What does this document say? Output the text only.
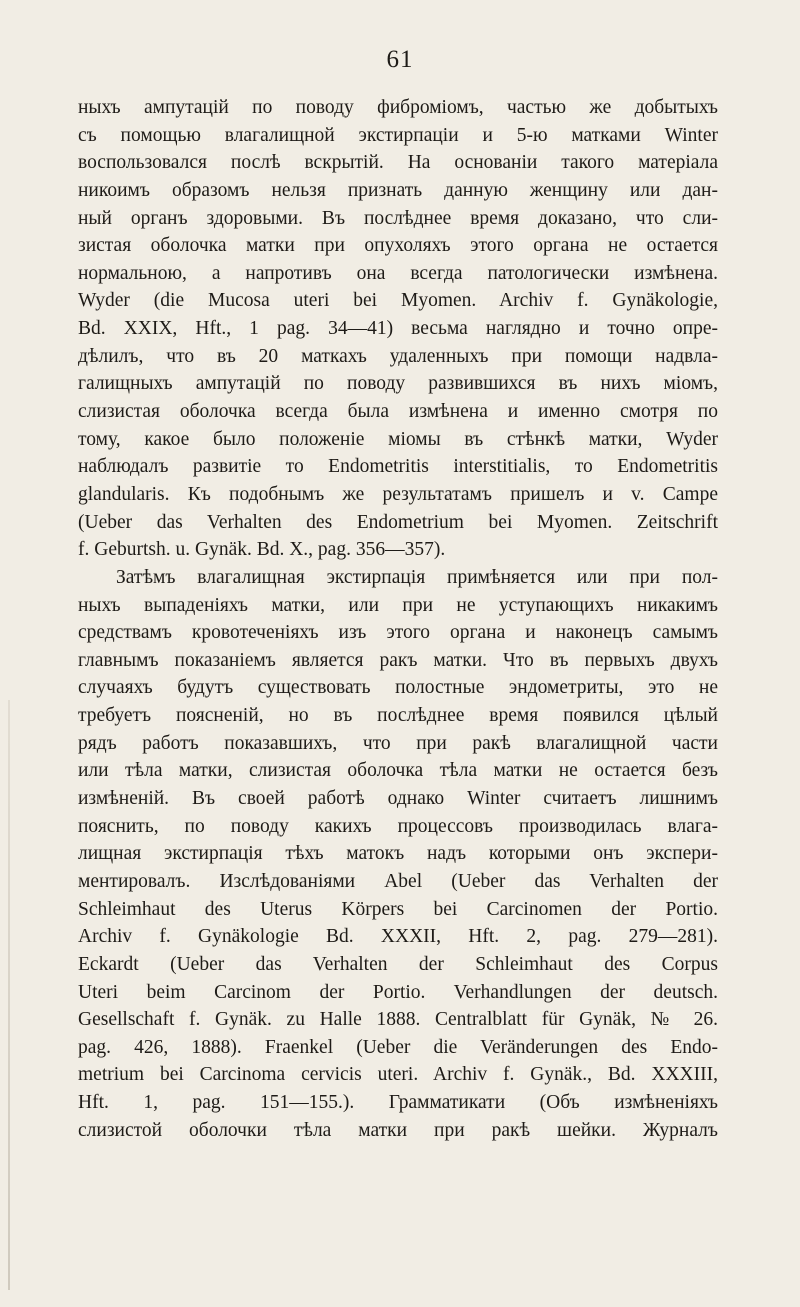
61
ныхъ ампутацій по поводу фиброміомъ, частью же добытыхъ
съ помощью влагалищной экстирпаціи и 5-ю матками Winter
воспользовался послѣ вскрытій. На основаніи такого матеріала
никоимъ образомъ нельзя признать данную женщину или дан-
ный органъ здоровыми. Въ послѣднее время доказано, что сли-
зистая оболочка матки при опухоляхъ этого органа не остается
нормальною, а напротивъ она всегда патологически измѣнена.
Wyder (die Mucosa uteri bei Myomen. Archiv f. Gynäkologie,
Bd. XXIX, Hft., 1 pag. 34—41) весьма наглядно и точно опре-
дѣлилъ, что въ 20 маткахъ удаленныхъ при помощи надвла-
галищныхъ ампутацій по поводу развившихся въ нихъ міомъ,
слизистая оболочка всегда была измѣнена и именно смотря по
тому, какое было положеніе міомы въ стѣнкѣ матки, Wyder
наблюдалъ развитіе то Endometritis interstitialis, то Endometritis
glandularis. Къ подобнымъ же результатамъ пришелъ и v. Campe
(Ueber das Verhalten des Endometrium bei Myomen. Zeitschrift
f. Geburtsh. u. Gynäk. Bd. X., pag. 356—357).
Затѣмъ влагалищная экстирпація примѣняется или при пол-
ныхъ выпаденіяхъ матки, или при не уступающихъ никакимъ
средствамъ кровотеченіяхъ изъ этого органа и наконецъ самымъ
главнымъ показаніемъ является ракъ матки. Что въ первыхъ двухъ
случаяхъ будутъ существовать полостные эндометриты, это не
требуетъ поясненій, но въ послѣднее время появился цѣлый
рядъ работъ показавшихъ, что при ракѣ влагалищной части
или тѣла матки, слизистая оболочка тѣла матки не остается безъ
измѣненій. Въ своей работѣ однако Winter считаетъ лишнимъ
пояснить, по поводу какихъ процессовъ производилась влага-
лищная экстирпація тѣхъ матокъ надъ которыми онъ экспери-
ментировалъ. Изслѣдованіями Abel (Ueber das Verhalten der
Schleimhaut des Uterus Körpers bei Carcinomen der Portio.
Archiv f. Gynäkologie Bd. XXXII, Hft. 2, pag. 279—281).
Eckardt (Ueber das Verhalten der Schleimhaut des Corpus
Uteri beim Carcinom der Portio. Verhandlungen der deutsch.
Gesellschaft f. Gynäk. zu Halle 1888. Centralblatt für Gynäk, № 26.
pag. 426, 1888). Fraenkel (Ueber die Veränderungen des Endo-
metrium bei Carcinoma cervicis uteri. Archiv f. Gynäk., Bd. XXXIII,
Hft. 1, pag. 151—155.). Грамматикати (Объ измѣненіяхъ
слизистой оболочки тѣла матки при ракѣ шейки. Журналъ
